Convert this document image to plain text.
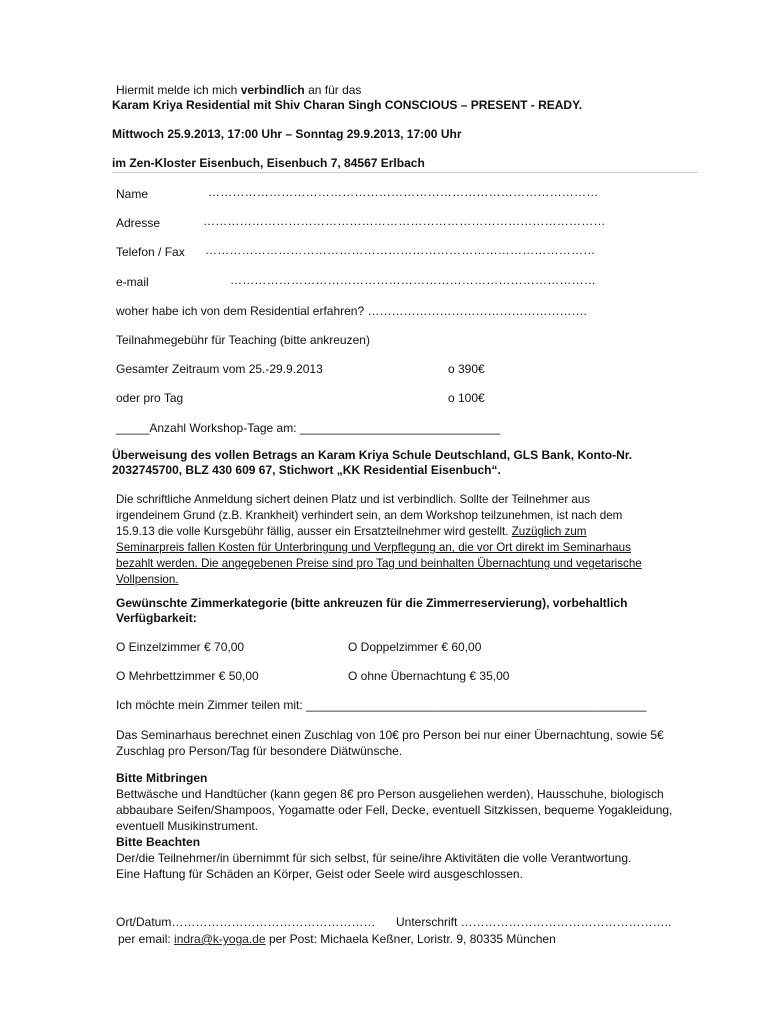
Hiermit melde ich mich verbindlich an für das
Karam Kriya Residential mit Shiv Charan Singh CONSCIOUS – PRESENT - READY.
Mittwoch 25.9.2013, 17:00 Uhr – Sonntag 29.9.2013, 17:00 Uhr
im Zen-Kloster Eisenbuch, Eisenbuch 7, 84567 Erlbach
Name	……………………………………………………………………………………
Adresse	………………………………………………………………………………………
Telefon / Fax ……………………………………………………………………………………
e-mail	………………………………………………………………………………
woher habe ich von dem Residential erfahren? ……………………………………………….
Teilnahmegebühr für Teaching (bitte ankreuzen)
Gesamter Zeitraum vom 25.-29.9.2013	o 390€
oder pro Tag	o 100€
_____Anzahl Workshop-Tage am: ______________________________
Überweisung des vollen Betrags an Karam Kriya Schule Deutschland, GLS Bank, Konto-Nr.
2032745700, BLZ 430 609 67, Stichwort „KK Residential Eisenbuch“.
Die schriftliche Anmeldung sichert deinen Platz und ist verbindlich. Sollte der Teilnehmer aus
irgendeinem Grund (z.B. Krankheit) verhindert sein, an dem Workshop teilzunehmen, ist nach dem
15.9.13 die volle Kursgebühr fällig, ausser ein Ersatzteilnehmer wird gestellt. Zuzüglich zum
Seminarpreis fallen Kosten für Unterbringung und Verpflegung an, die vor Ort direkt im Seminarhaus
bezahlt werden. Die angegebenen Preise sind pro Tag und beinhalten Übernachtung und vegetarische
Vollpension.
Gewünschte Zimmerkategorie (bitte ankreuzen für die Zimmerreservierung), vorbehaltlich
Verfügbarkeit:
O Einzelzimmer € 70,00	O Doppelzimmer € 60,00
O Mehrbettzimmer € 50,00	O ohne Übernachtung € 35,00
Ich möchte mein Zimmer teilen mit: ___________________________________________________
Das Seminarhaus berechnet einen Zuschlag von 10€ pro Person bei nur einer Übernachtung, sowie 5€
Zuschlag pro Person/Tag für besondere Diätwünsche.
Bitte Mitbringen
Bettwäsche und Handtücher (kann gegen 8€ pro Person ausgeliehen werden), Hausschuhe, biologisch
abbaubare Seifen/Shampoos, Yogamatte oder Fell, Decke, eventuell Sitzkissen, bequeme Yogakleidung,
eventuell Musikinstrument.
Bitte Beachten
Der/die Teilnehmer/in übernimmt für sich selbst, für seine/ihre Aktivitäten die volle Verantwortung.
Eine Haftung für Schäden an Körper, Geist oder Seele wird ausgeschlossen.
Ort/Datum…………………………………………… Unterschrift ……………………………………………..
per email: indra@k-yoga.de per Post: Michaela Keßner, Loristr. 9, 80335 München
